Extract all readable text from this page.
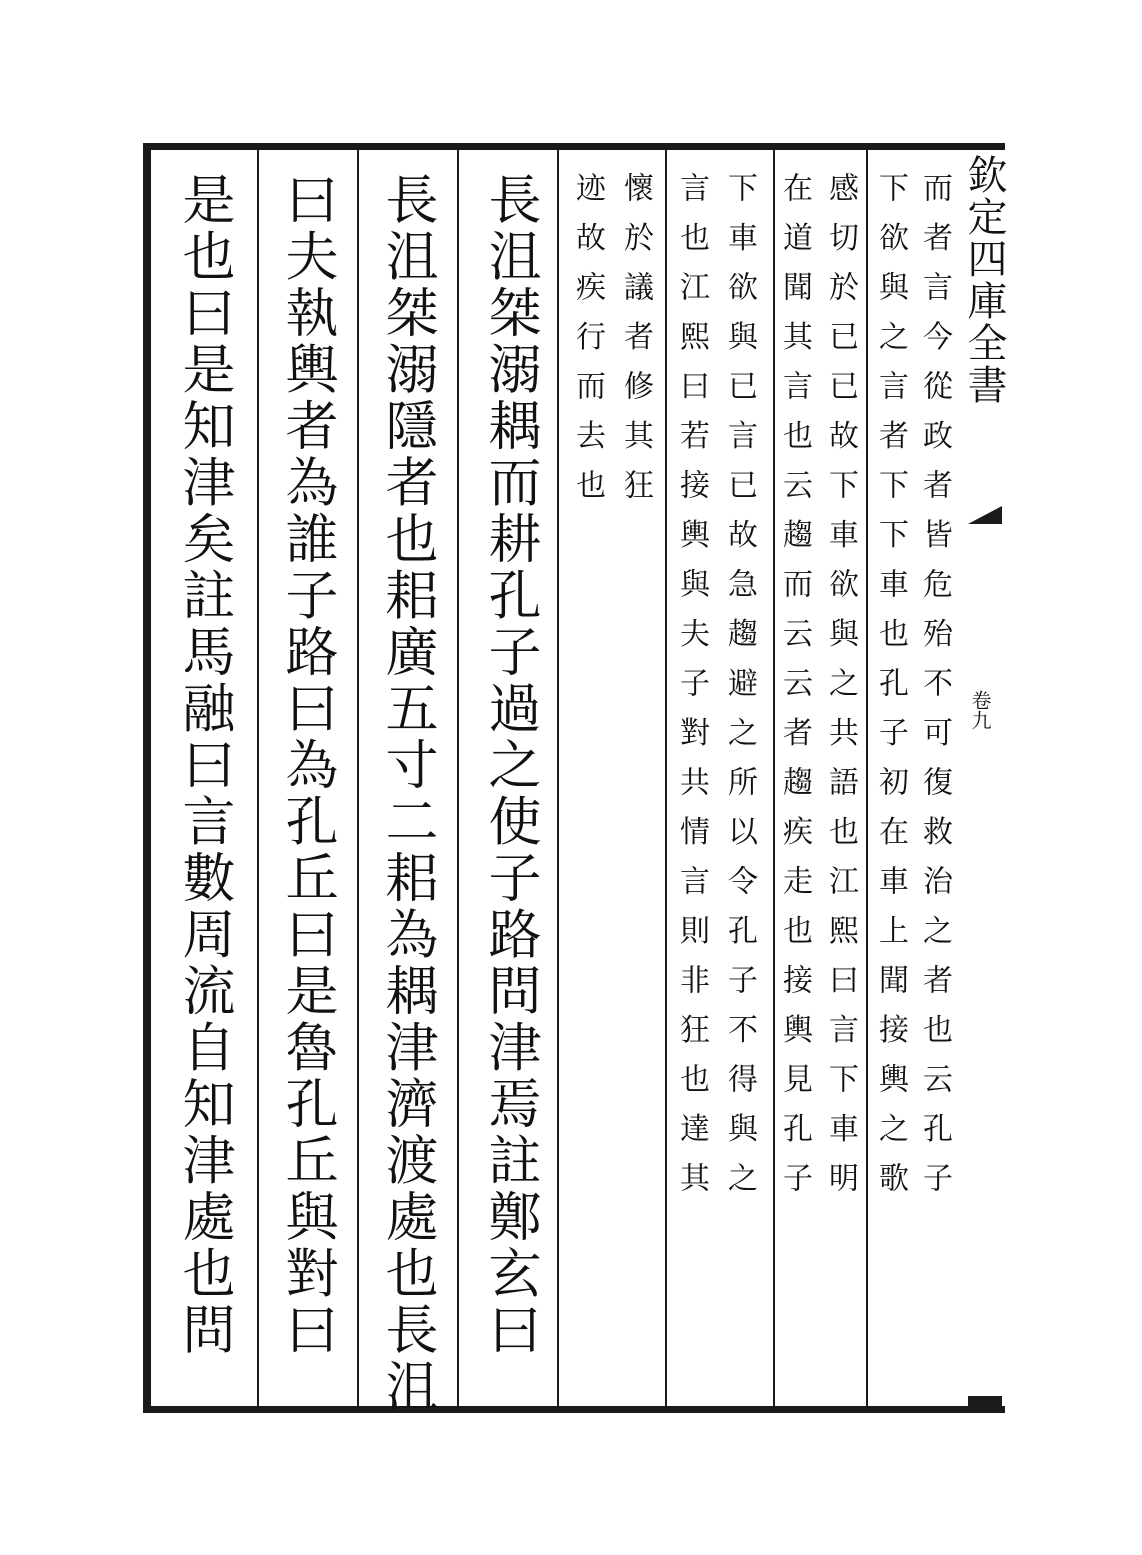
而者言今從政者皆危殆不可復救治之者也云孔子
下欲與之言者下下車也孔子初在車上聞接輿之歌
感切於已已故下車欲與之共語也江熙曰言下車明
在道聞其言也云趨而云云者趨疾走也接輿見孔子
下車欲與已言已故急趨避之所以令孔子不得與之
言也江熙曰若接輿與夫子對共情言則非狂也達其
懷於議者修其狂
迹故疾行而去也
長沮桀溺耦而耕孔子過之使子路問津焉註鄭玄曰
長沮桀溺隱者也耜廣五寸二耜為耦津濟渡處也長沮
曰夫執輿者為誰子路曰為孔丘曰是魯孔丘與對曰
是也曰是知津矣註馬融曰言數周流自知津處也問	欽定四庫全書
卷九
